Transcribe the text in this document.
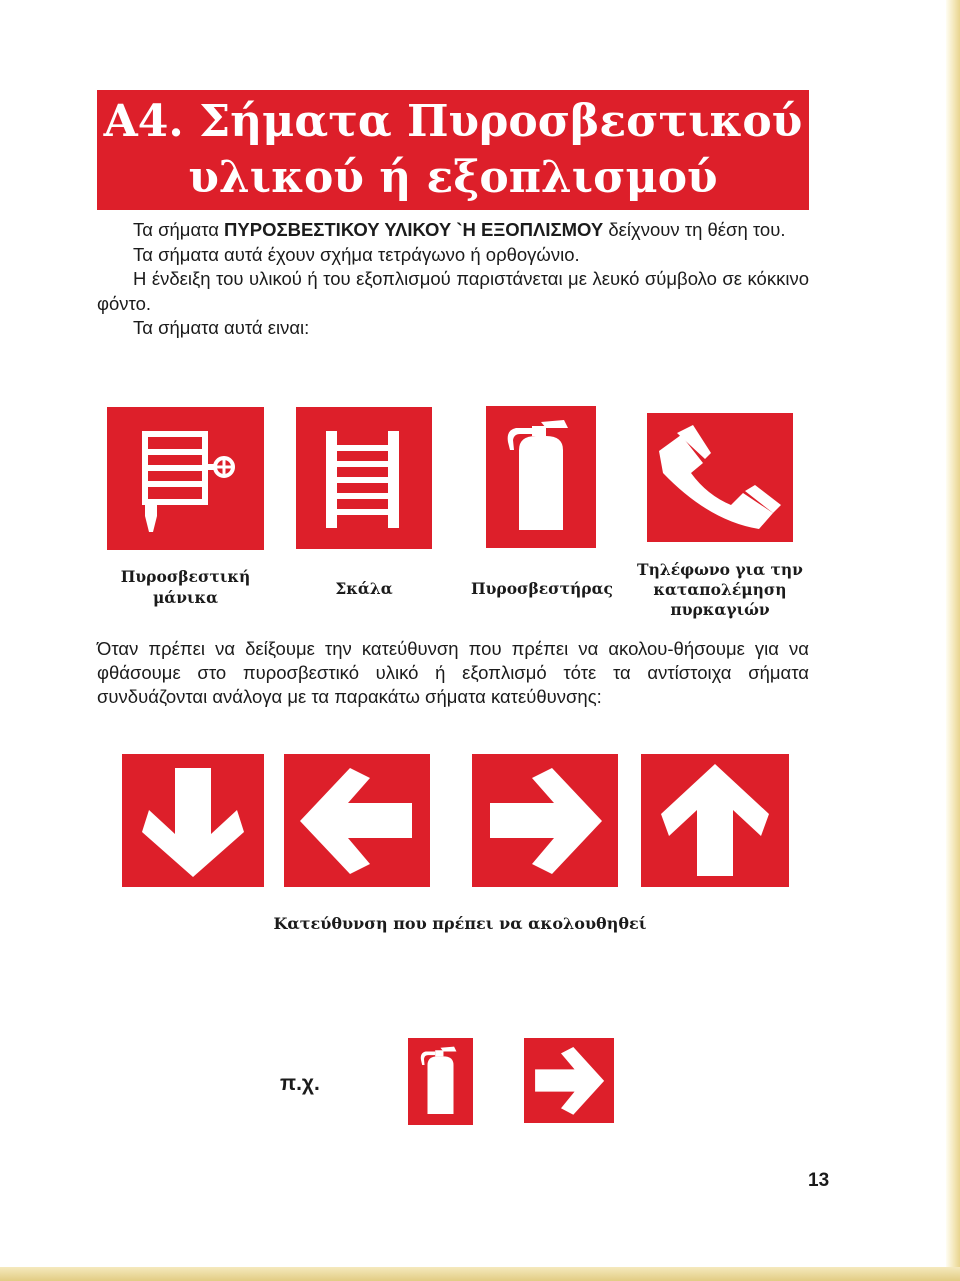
A4. Σήματα Πυροσβεστικού
υλικού ή εξοπλισμού

Τα σήματα ΠΥΡΟΣΒΕΣΤΙΚΟΥ ΥΛΙΚΟΥ `Η ΕΞΟΠΛΙΣΜΟΥ δείχνουν τη θέση του.

Τα σήματα αυτά έχουν σχήμα τετράγωνο ή ορθογώνιο.

Η ένδειξη του υλικού ή του εξοπλισμού παριστάνεται με λευκό σύμβολο σε κόκκινο φόντο.

Τα σήματα αυτά ειναι:

Πυροσβεστική
μάνικα	Σκάλα	Πυροσβεστήρας
Τηλέφωνο για την
καταπολέμηση
πυρκαγιών
Όταν πρέπει να δείξουμε την κατεύθυνση που πρέπει να ακολου-θήσουμε για να φθάσουμε στο πυροσβεστικό υλικό ή εξοπλισμό τότε τα αντίστοιχα σήματα συνδυάζονται ανάλογα με τα παρακάτω σήματα κατεύθυνσης:
Κατεύθυνση που πρέπει να ακολουθηθεί
π.χ.
13
